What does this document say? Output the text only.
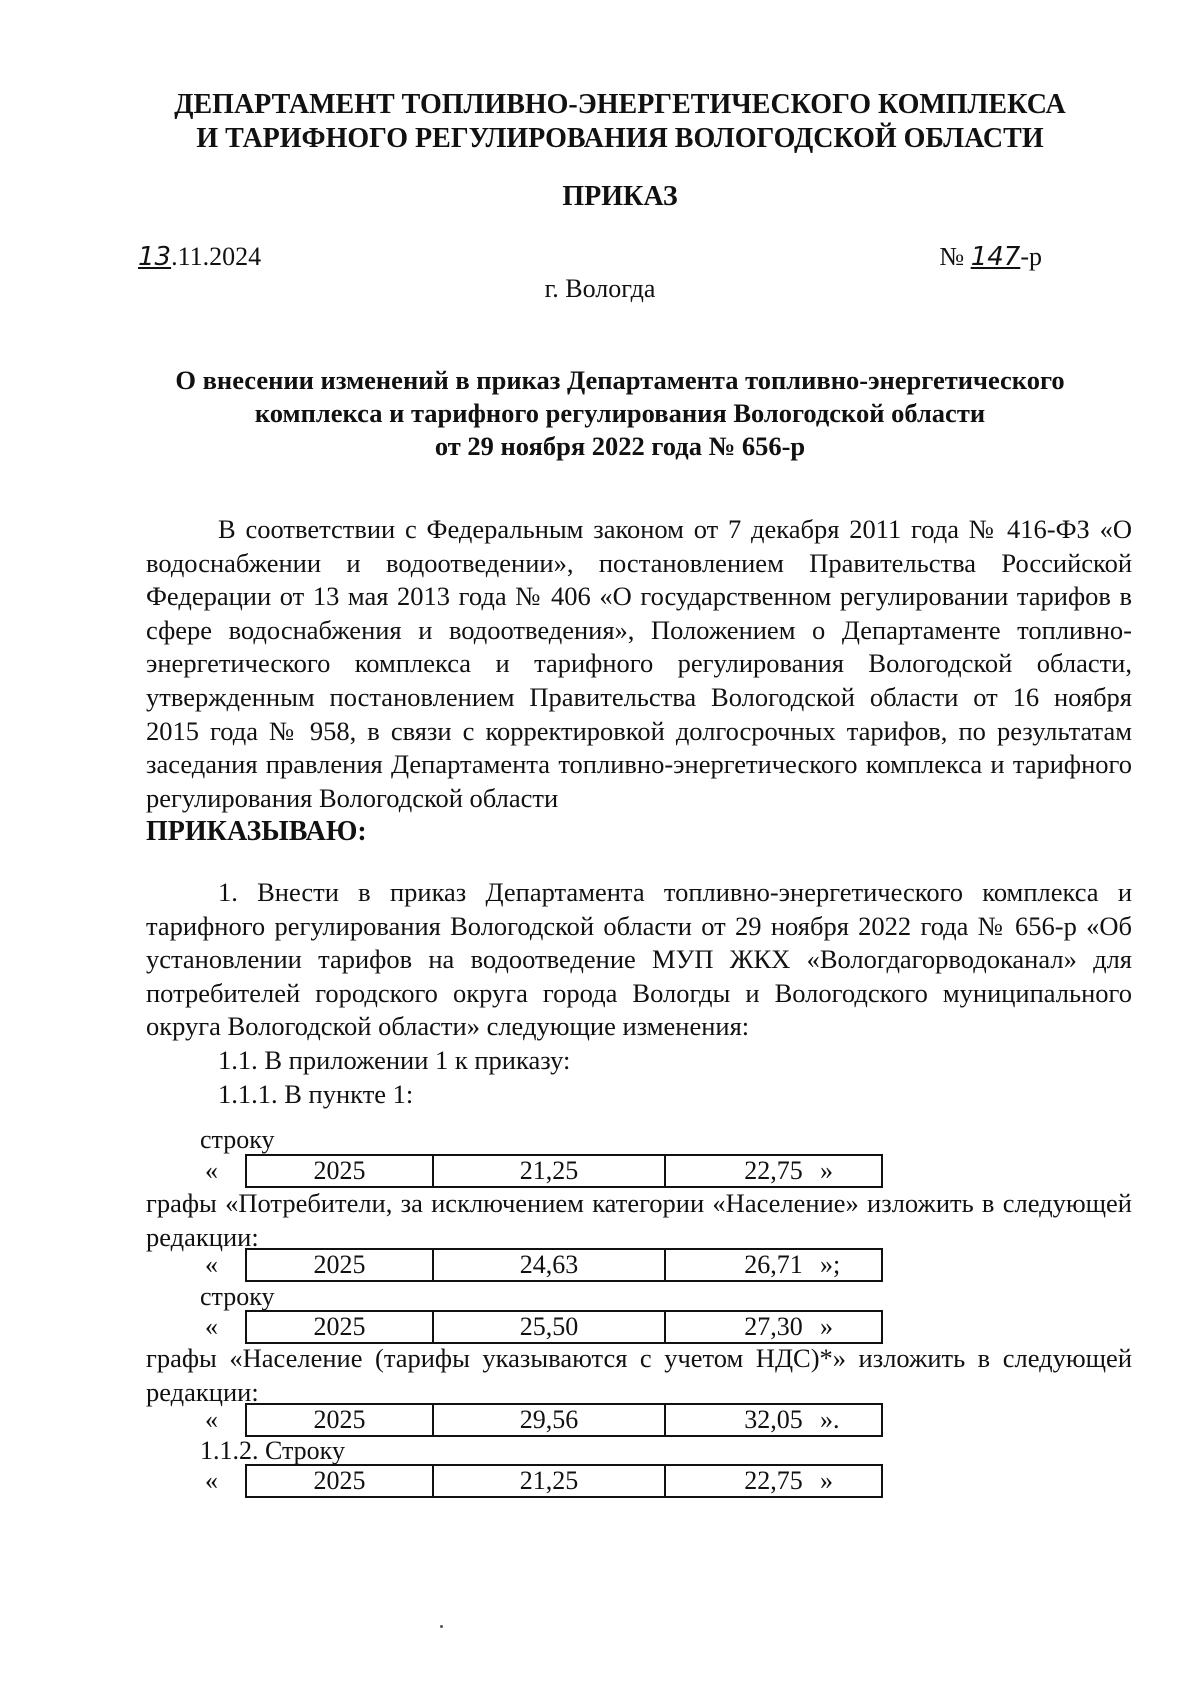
ДЕПАРТАМЕНТ ТОПЛИВНО-ЭНЕРГЕТИЧЕСКОГО КОМПЛЕКСА
И ТАРИФНОГО РЕГУЛИРОВАНИЯ ВОЛОГОДСКОЙ ОБЛАСТИ
ПРИКАЗ
13.11.2024	№ 147-р
г. Вологда
О внесении изменений в приказ Департамента топливно-энергетического
комплекса и тарифного регулирования Вологодской области
от 29 ноября 2022 года № 656-р

В соответствии с Федеральным законом от 7 декабря 2011 года № 416-ФЗ «О водоснабжении и водоотведении», постановлением Правительства Российской Федерации от 13 мая 2013 года № 406 «О государственном регулировании тарифов в сфере водоснабжения и водоотведения», Положением о Департаменте топливно-энергетического комплекса и тарифного регулирования Вологодской области, утвержденным постановлением Правительства Вологодской области от 16 ноября 2015 года № 958, в связи с корректировкой долгосрочных тарифов, по результатам заседания правления Департамента топливно-энергетического комплекса и тарифного регулирования Вологодской области

ПРИКАЗЫВАЮ:

1. Внести в приказ Департамента топливно-энергетического комплекса и тарифного регулирования Вологодской области от 29 ноября 2022 года № 656-р «Об установлении тарифов на водоотведение МУП ЖКХ «Вологдагорводоканал» для потребителей городского округа города Вологды и Вологодского муниципального округа Вологодской области» следующие изменения:

1.1. В приложении 1 к приказу:

1.1.1. В пункте 1:

строку
«	2025	21,25	22,75 »
графы «Потребители, за исключением категории «Население» изложить в следующей редакции:
«	2025	24,63	26,71 »;
строку
«	2025	25,50	27,30 »
графы «Население (тарифы указываются с учетом НДС)*» изложить в следующей редакции:
«	2025	29,56	32,05 ».
1.1.2. Строку
«	2025	21,25	22,75 »
